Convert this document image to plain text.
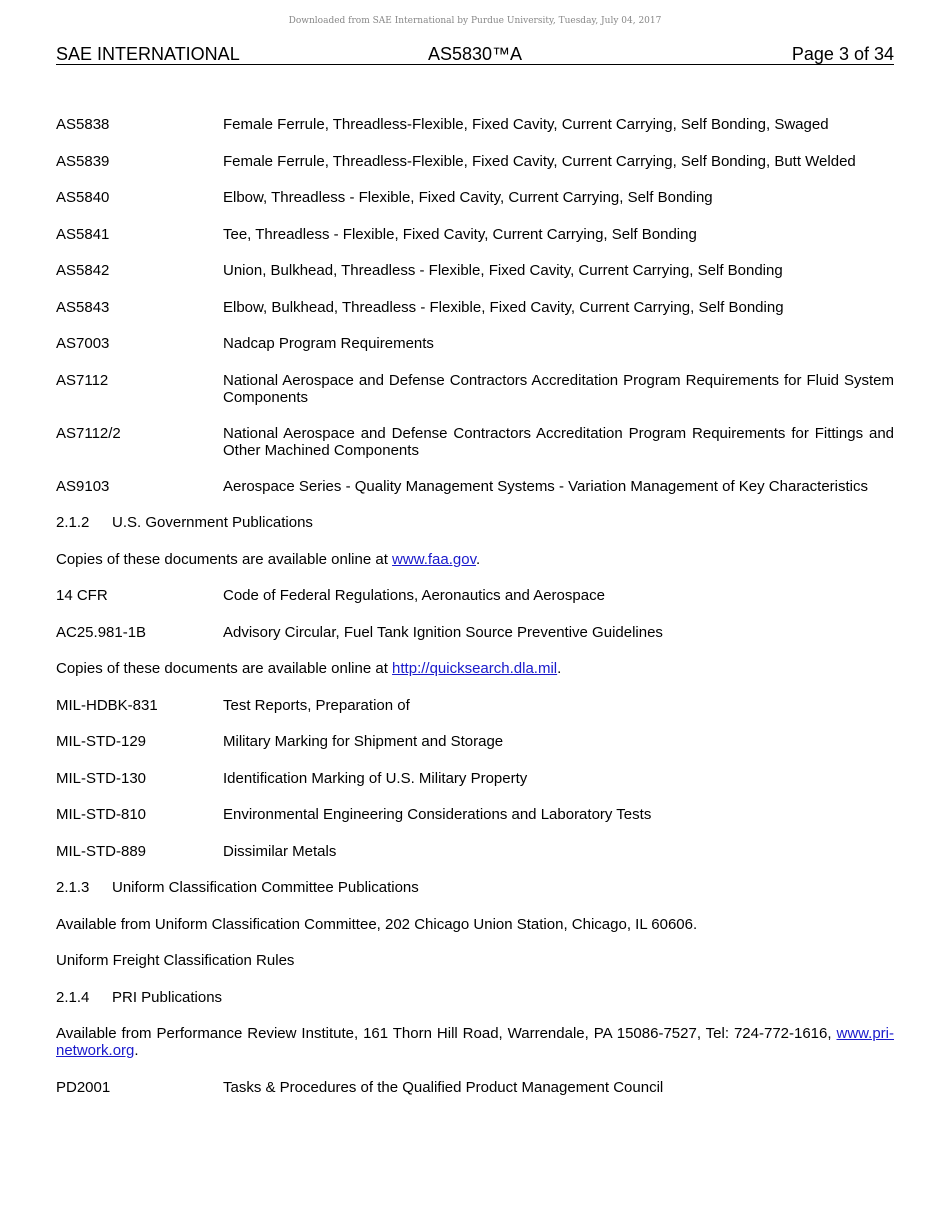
Downloaded from SAE International by Purdue University, Tuesday, July 04, 2017
SAE INTERNATIONAL	AS5830™A	Page 3 of 34
AS5838	Female Ferrule, Threadless-Flexible, Fixed Cavity, Current Carrying, Self Bonding, Swaged
AS5839	Female Ferrule, Threadless-Flexible, Fixed Cavity, Current Carrying, Self Bonding, Butt Welded
AS5840	Elbow, Threadless - Flexible, Fixed Cavity, Current Carrying, Self Bonding
AS5841	Tee, Threadless - Flexible, Fixed Cavity, Current Carrying, Self Bonding
AS5842	Union, Bulkhead, Threadless - Flexible, Fixed Cavity, Current Carrying, Self Bonding
AS5843	Elbow, Bulkhead, Threadless - Flexible, Fixed Cavity, Current Carrying, Self Bonding
AS7003	Nadcap Program Requirements
AS7112	National Aerospace and Defense Contractors Accreditation Program Requirements for Fluid System Components
AS7112/2	National Aerospace and Defense Contractors Accreditation Program Requirements for Fittings and Other Machined Components
AS9103	Aerospace Series - Quality Management Systems - Variation Management of Key Characteristics
2.1.2 U.S. Government Publications
Copies of these documents are available online at www.faa.gov.
14 CFR	Code of Federal Regulations, Aeronautics and Aerospace
AC25.981-1B	Advisory Circular, Fuel Tank Ignition Source Preventive Guidelines
Copies of these documents are available online at http://quicksearch.dla.mil.
MIL-HDBK-831	Test Reports, Preparation of
MIL-STD-129	Military Marking for Shipment and Storage
MIL-STD-130	Identification Marking of U.S. Military Property
MIL-STD-810	Environmental Engineering Considerations and Laboratory Tests
MIL-STD-889	Dissimilar Metals
2.1.3 Uniform Classification Committee Publications
Available from Uniform Classification Committee, 202 Chicago Union Station, Chicago, IL 60606.
Uniform Freight Classification Rules
2.1.4 PRI Publications
Available from Performance Review Institute, 161 Thorn Hill Road, Warrendale, PA 15086-7527, Tel: 724-772-1616, www.pri-network.org.
PD2001	Tasks & Procedures of the Qualified Product Management Council
